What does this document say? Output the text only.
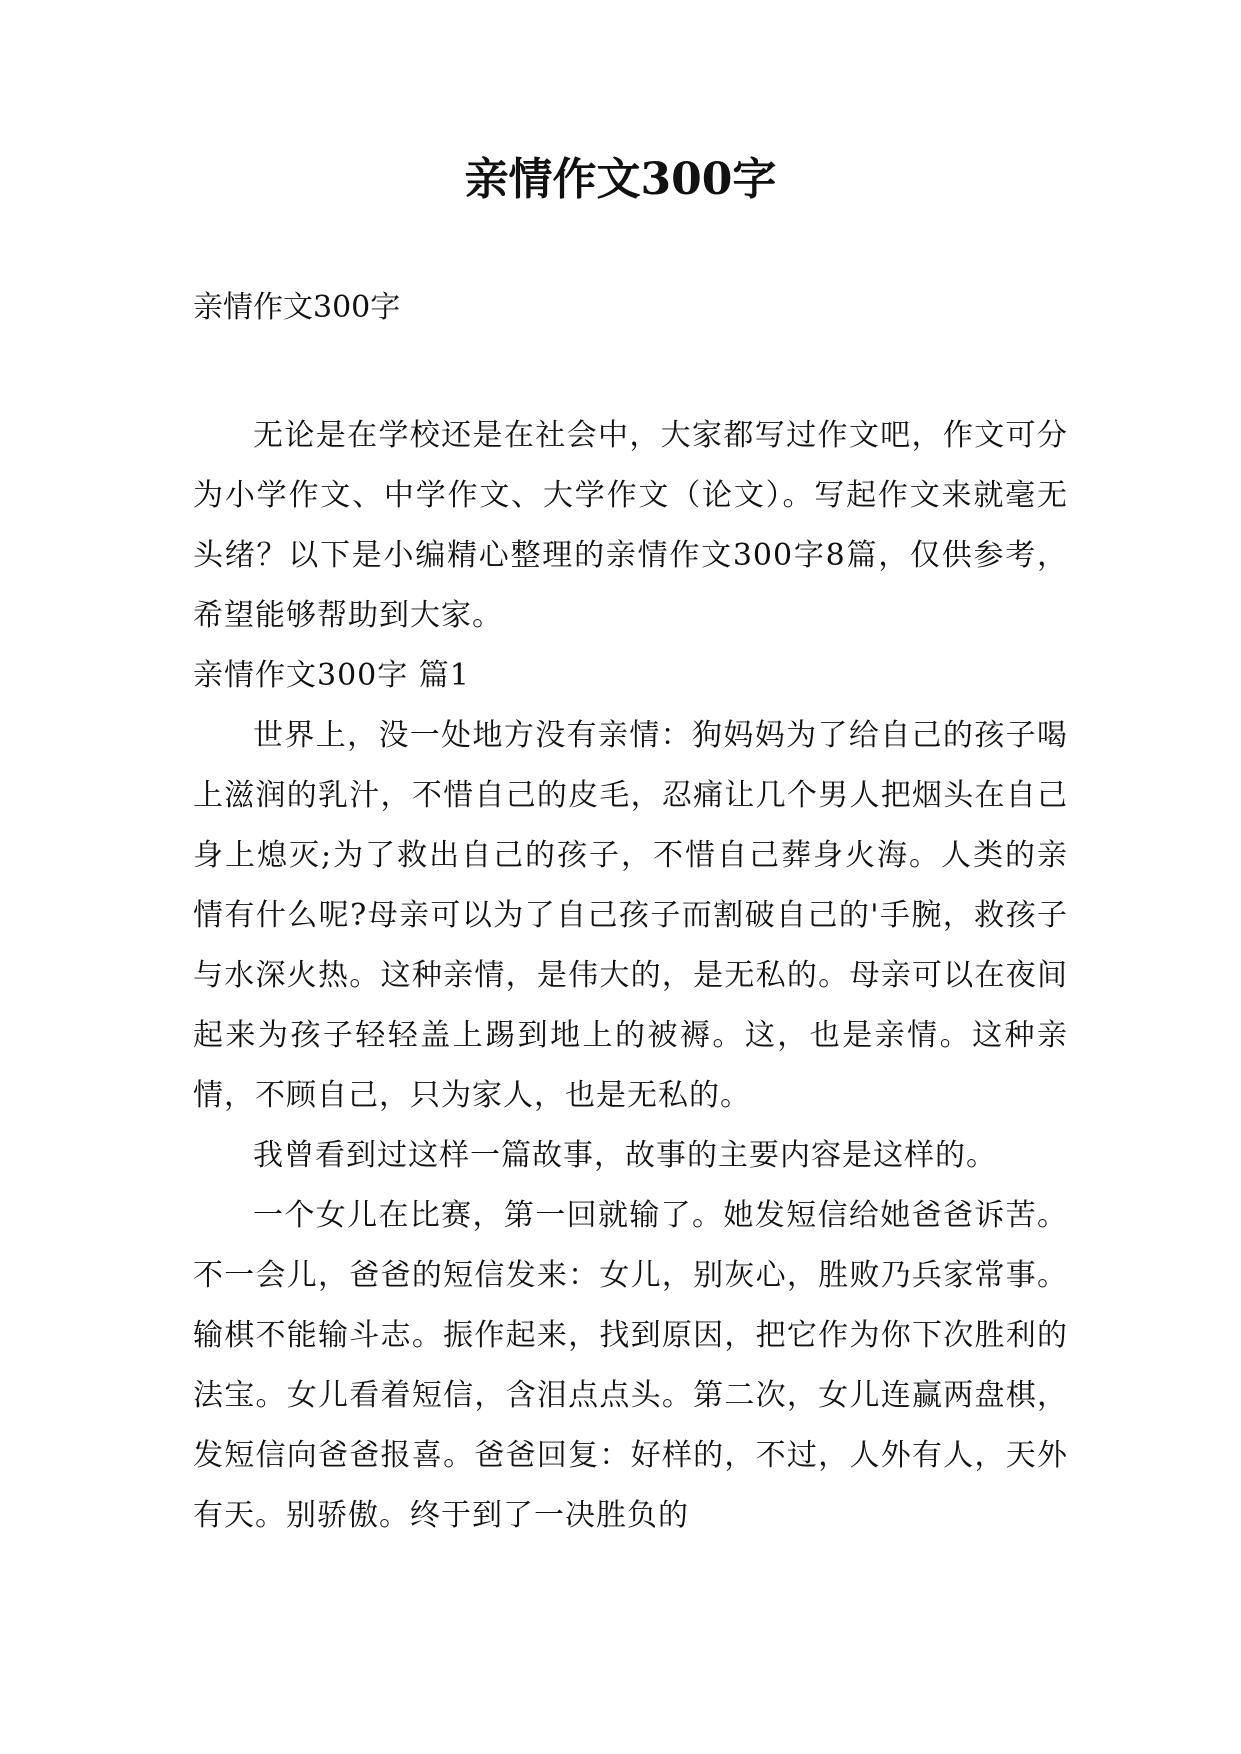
亲情作文300字

亲情作文300字

无论是在学校还是在社会中，大家都写过作文吧，作文可分为小学作文、中学作文、大学作文（论文）。写起作文来就毫无头绪？以下是小编精心整理的亲情作文300字8篇，仅供参考，希望能够帮助到大家。

亲情作文300字 篇1

世界上，没一处地方没有亲情：狗妈妈为了给自己的孩子喝上滋润的乳汁，不惜自己的皮毛，忍痛让几个男人把烟头在自己身上熄灭;为了救出自己的孩子，不惜自己葬身火海。人类的亲情有什么呢?母亲可以为了自己孩子而割破自己的'手腕，救孩子与水深火热。这种亲情，是伟大的，是无私的。母亲可以在夜间起来为孩子轻轻盖上踢到地上的被褥。这，也是亲情。这种亲情，不顾自己，只为家人，也是无私的。

我曾看到过这样一篇故事，故事的主要内容是这样的。

一个女儿在比赛，第一回就输了。她发短信给她爸爸诉苦。不一会儿，爸爸的短信发来：女儿，别灰心，胜败乃兵家常事。输棋不能输斗志。振作起来，找到原因，把它作为你下次胜利的法宝。女儿看着短信，含泪点点头。第二次，女儿连赢两盘棋，发短信向爸爸报喜。爸爸回复：好样的，不过，人外有人，天外有天。别骄傲。终于到了一决胜负的
